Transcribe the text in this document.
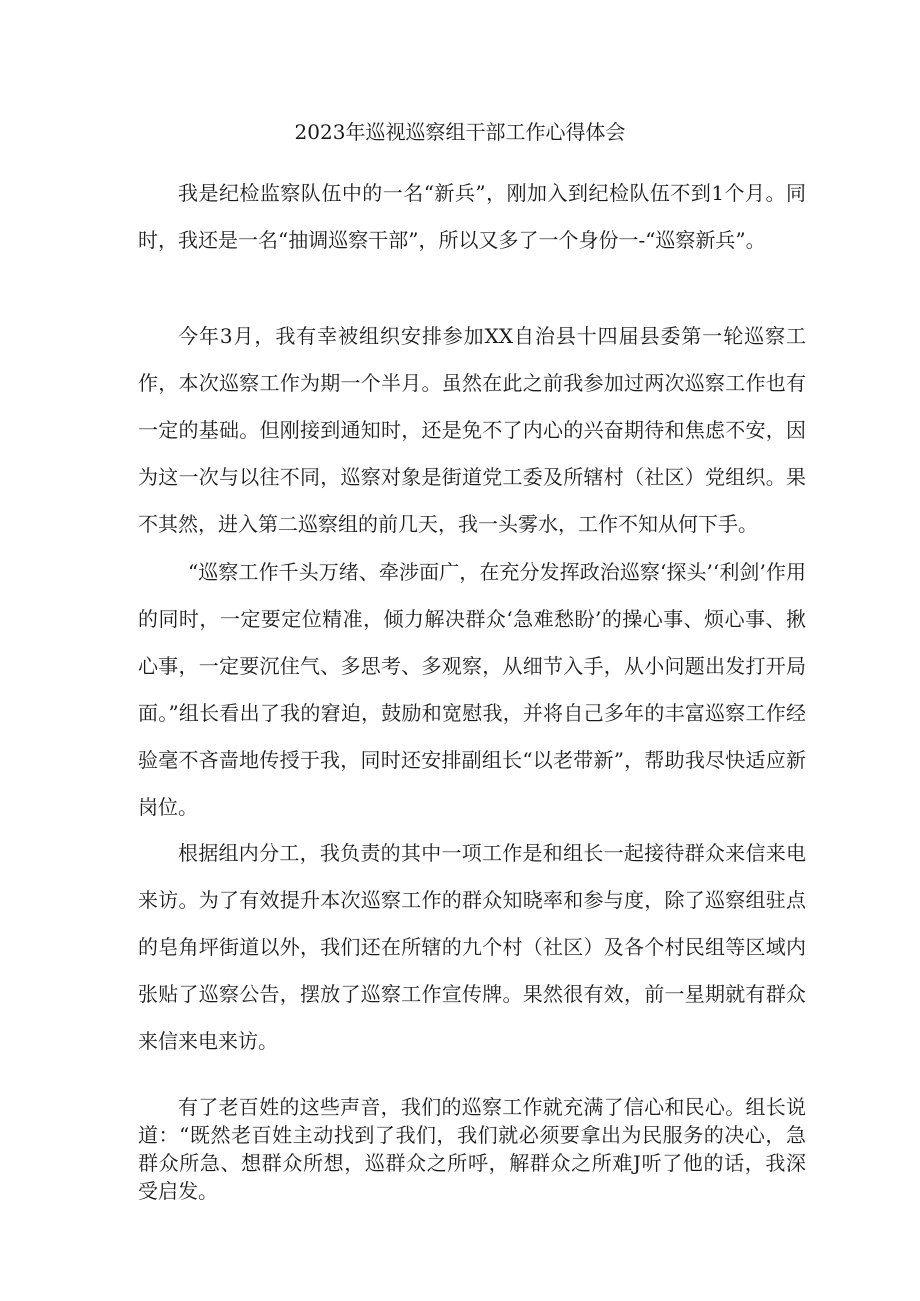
2023年巡视巡察组干部工作心得体会

我是纪检监察队伍中的一名“新兵”，刚加入到纪检队伍不到1个月。同时，我还是一名“抽调巡察干部”，所以又多了一个身份一-“巡察新兵”。

今年3月，我有幸被组织安排参加XX自治县十四届县委第一轮巡察工作，本次巡察工作为期一个半月。虽然在此之前我参加过两次巡察工作也有一定的基础。但刚接到通知时，还是免不了内心的兴奋期待和焦虑不安，因为这一次与以往不同，巡察对象是街道党工委及所辖村（社区）党组织。果不其然，进入第二巡察组的前几天，我一头雾水，工作不知从何下手。

“巡察工作千头万绪、牵涉面广，在充分发挥政治巡察‘探头’‘利剑’作用的同时，一定要定位精准，倾力解决群众‘急难愁盼’的操心事、烦心事、揪心事，一定要沉住气、多思考、多观察，从细节入手，从小问题出发打开局面。”组长看出了我的窘迫，鼓励和宽慰我，并将自己多年的丰富巡察工作经验毫不吝啬地传授于我，同时还安排副组长“以老带新”，帮助我尽快适应新岗位。

根据组内分工，我负责的其中一项工作是和组长一起接待群众来信来电来访。为了有效提升本次巡察工作的群众知晓率和参与度，除了巡察组驻点的皂角坪街道以外，我们还在所辖的九个村（社区）及各个村民组等区域内张贴了巡察公告，摆放了巡察工作宣传牌。果然很有效，前一星期就有群众来信来电来访。

有了老百姓的这些声音，我们的巡察工作就充满了信心和民心。组长说道：“既然老百姓主动找到了我们，我们就必须要拿出为民服务的决心，急群众所急、想群众所想，巡群众之所呼，解群众之所难J听了他的话，我深受启发。
